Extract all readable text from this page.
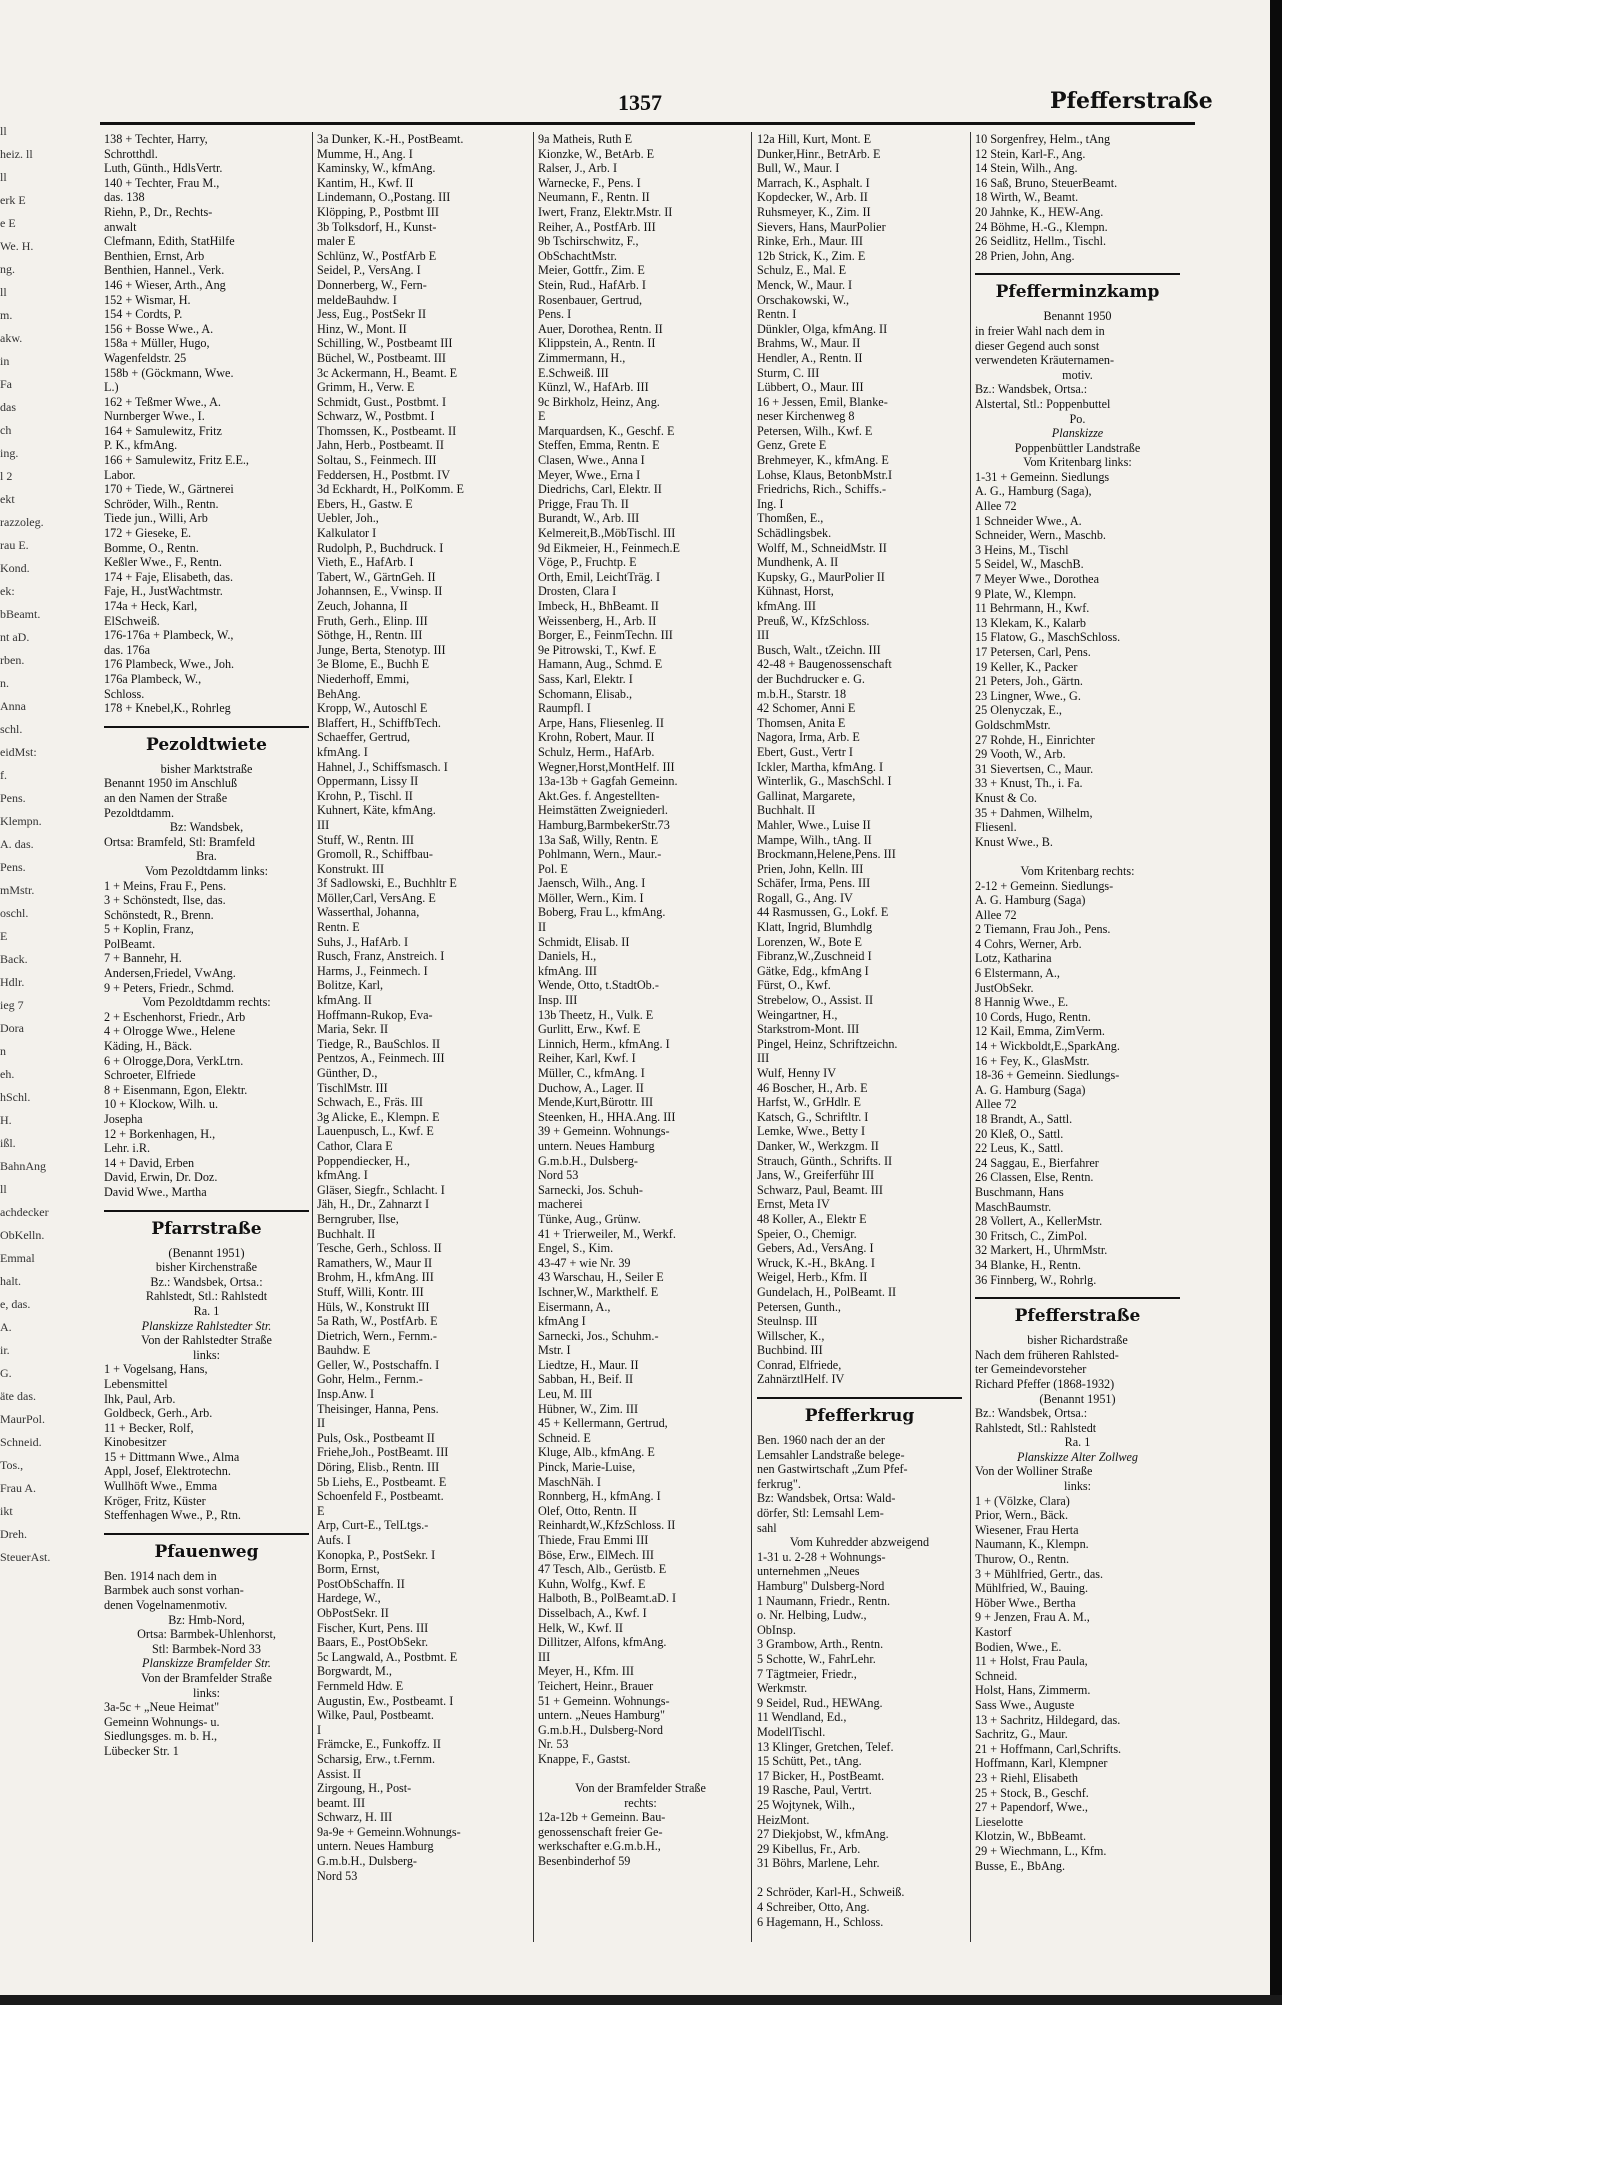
ll
heiz. ll
ll
erk E
e E
We. H.
ng.
ll
m.
akw.
in
Fa
das
ch
ing.
l 2
ekt
razzoleg.
rau E.
Kond.
ek:
bBeamt.
nt aD.
rben.
n.
Anna
schl.
eidMst:
f.
Pens.
Klempn.
A. das.
Pens.
mMstr.
oschl.
E
Back.
Hdlr.
ieg 7
Dora
n
eh.
hSchl.
H.
ißl.
BahnAng
ll
achdecker
ObKelln.
Emmal
halt.
e, das.
A.
ir.
G.
äte das.
MaurPol.
Schneid.
Tos.,
Frau A.
ikt
Dreh.
SteuerAst.
1357	Pfefferstraße
138 + Techter, Harry,
Schrotthdl.
Luth, Günth., HdlsVertr.
140 + Techter, Frau M.,
das. 138
Riehn, P., Dr., Rechts-
anwalt
Clefmann, Edith, StatHilfe
Benthien, Ernst, Arb
Benthien, Hannel., Verk.
146 + Wieser, Arth., Ang
152 + Wismar, H.
154 + Cordts, P.
156 + Bosse Wwe., A.
158a + Müller, Hugo,
Wagenfeldstr. 25
158b + (Göckmann, Wwe.
L.)
162 + Teßmer Wwe., A.
Nurnberger Wwe., I.
164 + Samulewitz, Fritz
P. K., kfmAng.
166 + Samulewitz, Fritz E.E.,
Labor.
170 + Tiede, W., Gärtnerei
Schröder, Wilh., Rentn.
Tiede jun., Willi, Arb
172 + Gieseke, E.
Bomme, O., Rentn.
Keßler Wwe., F., Rentn.
174 + Faje, Elisabeth, das.
Faje, H., JustWachtmstr.
174a + Heck, Karl,
ElSchweiß.
176-176a + Plambeck, W.,
das. 176a
176 Plambeck, Wwe., Joh.
176a Plambeck, W.,
Schloss.
178 + Knebel,K., Rohrleg
Pezoldtwiete
bisher Marktstraße
Benannt 1950 im Anschluß
an den Namen der Straße
Pezoldtdamm.
Bz: Wandsbek,
Ortsa: Bramfeld, Stl: Bramfeld
Bra.
Vom Pezoldtdamm links:
1 + Meins, Frau F., Pens.
3 + Schönstedt, Ilse, das.
Schönstedt, R., Brenn.
5 + Koplin, Franz,
PolBeamt.
7 + Bannehr, H.
Andersen,Friedel, VwAng.
9 + Peters, Friedr., Schmd.
Vom Pezoldtdamm rechts:
2 + Eschenhorst, Friedr., Arb
4 + Olrogge Wwe., Helene
Käding, H., Bäck.
6 + Olrogge,Dora, VerkLtrn.
Schroeter, Elfriede
8 + Eisenmann, Egon, Elektr.
10 + Klockow, Wilh. u.
Josepha
12 + Borkenhagen, H.,
Lehr. i.R.
14 + David, Erben
David, Erwin, Dr. Doz.
David Wwe., Martha
Pfarrstraße
(Benannt 1951)
bisher Kirchenstraße
Bz.: Wandsbek, Ortsa.:
Rahlstedt, Stl.: Rahlstedt
Ra. 1
Planskizze Rahlstedter Str.
Von der Rahlstedter Straße
links:
1 + Vogelsang, Hans,
Lebensmittel
Ihk, Paul, Arb.
Goldbeck, Gerh., Arb.
11 + Becker, Rolf,
Kinobesitzer
15 + Dittmann Wwe., Alma
Appl, Josef, Elektrotechn.
Wullhöft Wwe., Emma
Kröger, Fritz, Küster
Steffenhagen Wwe., P., Rtn.
Pfauenweg
Ben. 1914 nach dem in
Barmbek auch sonst vorhan-
denen Vogelnamenmotiv.
Bz: Hmb-Nord,
Ortsa: Barmbek-Uhlenhorst,
Stl: Barmbek-Nord 33
Planskizze Bramfelder Str.
Von der Bramfelder Straße
links:
3a-5c + „Neue Heimat"
Gemeinn Wohnungs- u.
Siedlungsges. m. b. H.,
Lübecker Str. 1
3a Dunker, K.-H., PostBeamt.
Mumme, H., Ang. I
Kaminsky, W., kfmAng.
Kantim, H., Kwf. II
Lindemann, O.,Postang. III
Klöpping, P., Postbmt III
3b Tolksdorf, H., Kunst-
maler E
Schlünz, W., PostfArb E
Seidel, P., VersAng. I
Donnerberg, W., Fern-
meldeBauhdw. I
Jess, Eug., PostSekr II
Hinz, W., Mont. II
Schilling, W., Postbeamt III
Büchel, W., Postbeamt. III
3c Ackermann, H., Beamt. E
Grimm, H., Verw. E
Schmidt, Gust., Postbmt. I
Schwarz, W., Postbmt. I
Thomssen, K., Postbeamt. II
Jahn, Herb., Postbeamt. II
Soltau, S., Feinmech. III
Feddersen, H., Postbmt. IV
3d Eckhardt, H., PolKomm. E
Ebers, H., Gastw. E
Uebler, Joh.,
Kalkulator I
Rudolph, P., Buchdruck. I
Vieth, E., HafArb. I
Tabert, W., GärtnGeh. II
Johannsen, E., Vwinsp. II
Zeuch, Johanna, II
Fruth, Gerh., Elinp. III
Söthge, H., Rentn. III
Junge, Berta, Stenotyp. III
3e Blome, E., Buchh E
Niederhoff, Emmi,
BehAng.
Kropp, W., Autoschl E
Blaffert, H., SchiffbTech.
Schaeffer, Gertrud,
kfmAng. I
Hahnel, J., Schiffsmasch. I
Oppermann, Lissy II
Krohn, P., Tischl. II
Kuhnert, Käte, kfmAng.
III
Stuff, W., Rentn. III
Gromoll, R., Schiffbau-
Konstrukt. III
3f Sadlowski, E., Buchhltr E
Möller,Carl, VersAng. E
Wasserthal, Johanna,
Rentn. E
Suhs, J., HafArb. I
Rusch, Franz, Anstreich. I
Harms, J., Feinmech. I
Bolitze, Karl,
kfmAng. II
Hoffmann-Rukop, Eva-
Maria, Sekr. II
Tiedge, R., BauSchlos. II
Pentzos, A., Feinmech. III
Günther, D.,
TischlMstr. III
Schwach, E., Fräs. III
3g Alicke, E., Klempn. E
Lauenpusch, L., Kwf. E
Cathor, Clara E
Poppendiecker, H.,
kfmAng. I
Gläser, Siegfr., Schlacht. I
Jäh, H., Dr., Zahnarzt I
Berngruber, Ilse,
Buchhalt. II
Tesche, Gerh., Schloss. II
Ramathers, W., Maur II
Brohm, H., kfmAng. III
Stuff, Willi, Kontr. III
Hüls, W., Konstrukt III
5a Rath, W., PostfArb. E
Dietrich, Wern., Fernm.-
Bauhdw. E
Geller, W., Postschaffn. I
Gohr, Helm., Fernm.-
Insp.Anw. I
Theisinger, Hanna, Pens.
II
Puls, Osk., Postbeamt II
Friehe,Joh., PostBeamt. III
Döring, Elisb., Rentn. III
5b Liehs, E., Postbeamt. E
Schoenfeld F., Postbeamt.
E
Arp, Curt-E., TelLtgs.-
Aufs. I
Konopka, P., PostSekr. I
Borm, Ernst,
PostObSchaffn. II
Hardege, W.,
ObPostSekr. II
Fischer, Kurt, Pens. III
Baars, E., PostObSekr.
5c Langwald, A., Postbmt. E
Borgwardt, M.,
Fernmeld Hdw. E
Augustin, Ew., Postbeamt. I
Wilke, Paul, Postbeamt.
I
Främcke, E., Funkoffz. II
Scharsig, Erw., t.Fernm.
Assist. II
Zirgoung, H., Post-
beamt. III
Schwarz, H. III
9a-9e + Gemeinn.Wohnungs-
untern. Neues Hamburg
G.m.b.H., Dulsberg-
Nord 53
9a Matheis, Ruth E
Kionzke, W., BetArb. E
Ralser, J., Arb. I
Warnecke, F., Pens. I
Neumann, F., Rentn. II
Iwert, Franz, Elektr.Mstr. II
Reiher, A., PostfArb. III
9b Tschirschwitz, F.,
ObSchachtMstr.
Meier, Gottfr., Zim. E
Stein, Rud., HafArb. I
Rosenbauer, Gertrud,
Pens. I
Auer, Dorothea, Rentn. II
Klippstein, A., Rentn. II
Zimmermann, H.,
E.Schweiß. III
Künzl, W., HafArb. III
9c Birkholz, Heinz, Ang.
E
Marquardsen, K., Geschf. E
Steffen, Emma, Rentn. E
Clasen, Wwe., Anna I
Meyer, Wwe., Erna I
Diedrichs, Carl, Elektr. II
Prigge, Frau Th. II
Burandt, W., Arb. III
Kelmereit,B.,MöbTischl. III
9d Eikmeier, H., Feinmech.E
Vöge, P., Fruchtp. E
Orth, Emil, LeichtTräg. I
Drosten, Clara I
Imbeck, H., BhBeamt. II
Weissenberg, H., Arb. II
Borger, E., FeinmTechn. III
9e Pitrowski, T., Kwf. E
Hamann, Aug., Schmd. E
Sass, Karl, Elektr. I
Schomann, Elisab.,
Raumpfl. I
Arpe, Hans, Fliesenleg. II
Krohn, Robert, Maur. II
Schulz, Herm., HafArb.
Wegner,Horst,MontHelf. III
13a-13b + Gagfah Gemeinn.
Akt.Ges. f. Angestellten-
Heimstätten Zweigniederl.
Hamburg,BarmbekerStr.73
13a Saß, Willy, Rentn. E
Pohlmann, Wern., Maur.-
Pol. E
Jaensch, Wilh., Ang. I
Möller, Wern., Kim. I
Boberg, Frau L., kfmAng.
II
Schmidt, Elisab. II
Daniels, H.,
kfmAng. III
Wende, Otto, t.StadtOb.-
Insp. III
13b Theetz, H., Vulk. E
Gurlitt, Erw., Kwf. E
Linnich, Herm., kfmAng. I
Reiher, Karl, Kwf. I
Müller, C., kfmAng. I
Duchow, A., Lager. II
Mende,Kurt,Bürottr. III
Steenken, H., HHA.Ang. III
39 + Gemeinn. Wohnungs-
untern. Neues Hamburg
G.m.b.H., Dulsberg-
Nord 53
Sarnecki, Jos. Schuh-
macherei
Tünke, Aug., Grünw.
41 + Trierweiler, M., Werkf.
Engel, S., Kim.
43-47 + wie Nr. 39
43 Warschau, H., Seiler E
Ischner,W., Markthelf. E
Eisermann, A.,
kfmAng I
Sarnecki, Jos., Schuhm.-
Mstr. I
Liedtze, H., Maur. II
Sabban, H., Beif. II
Leu, M. III
Hübner, W., Zim. III
45 + Kellermann, Gertrud,
Schneid. E
Kluge, Alb., kfmAng. E
Pinck, Marie-Luise,
MaschNäh. I
Ronnberg, H., kfmAng. I
Olef, Otto, Rentn. II
Reinhardt,W.,KfzSchloss. II
Thiede, Frau Emmi III
Böse, Erw., ElMech. III
47 Tesch, Alb., Gerüstb. E
Kuhn, Wolfg., Kwf. E
Halboth, B., PolBeamt.aD. I
Disselbach, A., Kwf. I
Helk, W., Kwf. II
Dillitzer, Alfons, kfmAng.
III
Meyer, H., Kfm. III
Teichert, Heinr., Brauer
51 + Gemeinn. Wohnungs-
untern. „Neues Hamburg"
G.m.b.H., Dulsberg-Nord
Nr. 53
Knappe, F., Gastst.

Von der Bramfelder Straße
rechts:
12a-12b + Gemeinn. Bau-
genossenschaft freier Ge-
werkschafter e.G.m.b.H.,
Besenbinderhof 59
12a Hill, Kurt, Mont. E
Dunker,Hinr., BetrArb. E
Bull, W., Maur. I
Marrach, K., Asphalt. I
Kopdecker, W., Arb. II
Ruhsmeyer, K., Zim. II
Sievers, Hans, MaurPolier
Rinke, Erh., Maur. III
12b Strick, K., Zim. E
Schulz, E., Mal. E
Menck, W., Maur. I
Orschakowski, W.,
Rentn. I
Dünkler, Olga, kfmAng. II
Brahms, W., Maur. II
Hendler, A., Rentn. II
Sturm, C. III
Lübbert, O., Maur. III
16 + Jessen, Emil, Blanke-
neser Kirchenweg 8
Petersen, Wilh., Kwf. E
Genz, Grete E
Brehmeyer, K., kfmAng. E
Lohse, Klaus, BetonbMstr.I
Friedrichs, Rich., Schiffs.-
Ing. I
Thomßen, E.,
Schädlingsbek.
Wolff, M., SchneidMstr. II
Mundhenk, A. II
Kupsky, G., MaurPolier II
Kühnast, Horst,
kfmAng. III
Preuß, W., KfzSchloss.
III
Busch, Walt., tZeichn. III
42-48 + Baugenossenschaft
der Buchdrucker e. G.
m.b.H., Starstr. 18
42 Schomer, Anni E
Thomsen, Anita E
Nagora, Irma, Arb. E
Ebert, Gust., Vertr I
Ickler, Martha, kfmAng. I
Winterlik, G., MaschSchl. I
Gallinat, Margarete,
Buchhalt. II
Mahler, Wwe., Luise II
Mampe, Wilh., tAng. II
Brockmann,Helene,Pens. III
Prien, John, Kelln. III
Schäfer, Irma, Pens. III
Rogall, G., Ang. IV
44 Rasmussen, G., Lokf. E
Klatt, Ingrid, Blumhdlg
Lorenzen, W., Bote E
Fibranz,W.,Zuschneid I
Gätke, Edg., kfmAng I
Fürst, O., Kwf.
Strebelow, O., Assist. II
Weingartner, H.,
Starkstrom-Mont. III
Pingel, Heinz, Schriftzeichn.
III
Wulf, Henny IV
46 Boscher, H., Arb. E
Harfst, W., GrHdlr. E
Katsch, G., Schriftltr. I
Lemke, Wwe., Betty I
Danker, W., Werkzgm. II
Strauch, Günth., Schrifts. II
Jans, W., Greiferführ III
Schwarz, Paul, Beamt. III
Ernst, Meta IV
48 Koller, A., Elektr E
Speier, O., Chemigr.
Gebers, Ad., VersAng. I
Wruck, K.-H., BkAng. I
Weigel, Herb., Kfm. II
Gundelach, H., PolBeamt. II
Petersen, Gunth.,
Steulnsp. III
Willscher, K.,
Buchbind. III
Conrad, Elfriede,
ZahnärztlHelf. IV
Pfefferkrug
Ben. 1960 nach der an der
Lemsahler Landstraße belege-
nen Gastwirtschaft „Zum Pfef-
ferkrug".
Bz: Wandsbek, Ortsa: Wald-
dörfer, Stl: Lemsahl Lem-
sahl
Vom Kuhredder abzweigend
1-31 u. 2-28 + Wohnungs-
unternehmen „Neues
Hamburg" Dulsberg-Nord
1 Naumann, Friedr., Rentn.
o. Nr. Helbing, Ludw.,
ObInsp.
3 Grambow, Arth., Rentn.
5 Schotte, W., FahrLehr.
7 Tägtmeier, Friedr.,
Werkmstr.
9 Seidel, Rud., HEWAng.
11 Wendland, Ed.,
ModellTischl.
13 Klinger, Gretchen, Telef.
15 Schütt, Pet., tAng.
17 Bicker, H., PostBeamt.
19 Rasche, Paul, Vertrt.
25 Wojtynek, Wilh.,
HeizMont.
27 Diekjobst, W., kfmAng.
29 Kibellus, Fr., Arb.
31 Böhrs, Marlene, Lehr.

2 Schröder, Karl-H., Schweiß.
4 Schreiber, Otto, Ang.
6 Hagemann, H., Schloss.
10 Sorgenfrey, Helm., tAng
12 Stein, Karl-F., Ang.
14 Stein, Wilh., Ang.
16 Saß, Bruno, SteuerBeamt.
18 Wirth, W., Beamt.
20 Jahnke, K., HEW-Ang.
24 Böhme, H.-G., Klempn.
26 Seidlitz, Hellm., Tischl.
28 Prien, John, Ang.
Pfefferminzkamp
Benannt 1950
in freier Wahl nach dem in
dieser Gegend auch sonst
verwendeten Kräuternamen-
motiv.
Bz.: Wandsbek, Ortsa.:
Alstertal, Stl.: Poppenbuttel
Po.
Planskizze
Poppenbüttler Landstraße
Vom Kritenbarg links:
1-31 + Gemeinn. Siedlungs
A. G., Hamburg (Saga),
Allee 72
1 Schneider Wwe., A.
Schneider, Wern., Maschb.
3 Heins, M., Tischl
5 Seidel, W., MaschB.
7 Meyer Wwe., Dorothea
9 Plate, W., Klempn.
11 Behrmann, H., Kwf.
13 Klekam, K., Kalarb
15 Flatow, G., MaschSchloss.
17 Petersen, Carl, Pens.
19 Keller, K., Packer
21 Peters, Joh., Gärtn.
23 Lingner, Wwe., G.
25 Olenyczak, E.,
GoldschmMstr.
27 Rohde, H., Einrichter
29 Vooth, W., Arb.
31 Sievertsen, C., Maur.
33 + Knust, Th., i. Fa.
Knust & Co.
35 + Dahmen, Wilhelm,
Fliesenl.
Knust Wwe., B.

Vom Kritenbarg rechts:
2-12 + Gemeinn. Siedlungs-
A. G. Hamburg (Saga)
Allee 72
2 Tiemann, Frau Joh., Pens.
4 Cohrs, Werner, Arb.
Lotz, Katharina
6 Elstermann, A.,
JustObSekr.
8 Hannig Wwe., E.
10 Cords, Hugo, Rentn.
12 Kail, Emma, ZimVerm.
14 + Wickboldt,E.,SparkAng.
16 + Fey, K., GlasMstr.
18-36 + Gemeinn. Siedlungs-
A. G. Hamburg (Saga)
Allee 72
18 Brandt, A., Sattl.
20 Kleß, O., Sattl.
22 Leus, K., Sattl.
24 Saggau, E., Bierfahrer
26 Classen, Else, Rentn.
Buschmann, Hans
MaschBaumstr.
28 Vollert, A., KellerMstr.
30 Fritsch, C., ZimPol.
32 Markert, H., UhrmMstr.
34 Blanke, H., Rentn.
36 Finnberg, W., Rohrlg.
Pfefferstraße
bisher Richardstraße
Nach dem früheren Rahlsted-
ter Gemeindevorsteher
Richard Pfeffer (1868-1932)
(Benannt 1951)
Bz.: Wandsbek, Ortsa.:
Rahlstedt, Stl.: Rahlstedt
Ra. 1
Planskizze Alter Zollweg
Von der Wolliner Straße
links:
1 + (Völzke, Clara)
Prior, Wern., Bäck.
Wiesener, Frau Herta
Naumann, K., Klempn.
Thurow, O., Rentn.
3 + Mühlfried, Gertr., das.
Mühlfried, W., Bauing.
Höber Wwe., Bertha
9 + Jenzen, Frau A. M.,
Kastorf
Bodien, Wwe., E.
11 + Holst, Frau Paula,
Schneid.
Holst, Hans, Zimmerm.
Sass Wwe., Auguste
13 + Sachritz, Hildegard, das.
Sachritz, G., Maur.
21 + Hoffmann, Carl,Schrifts.
Hoffmann, Karl, Klempner
23 + Riehl, Elisabeth
25 + Stock, B., Geschf.
27 + Papendorf, Wwe.,
Lieselotte
Klotzin, W., BbBeamt.
29 + Wiechmann, L., Kfm.
Busse, E., BbAng.
